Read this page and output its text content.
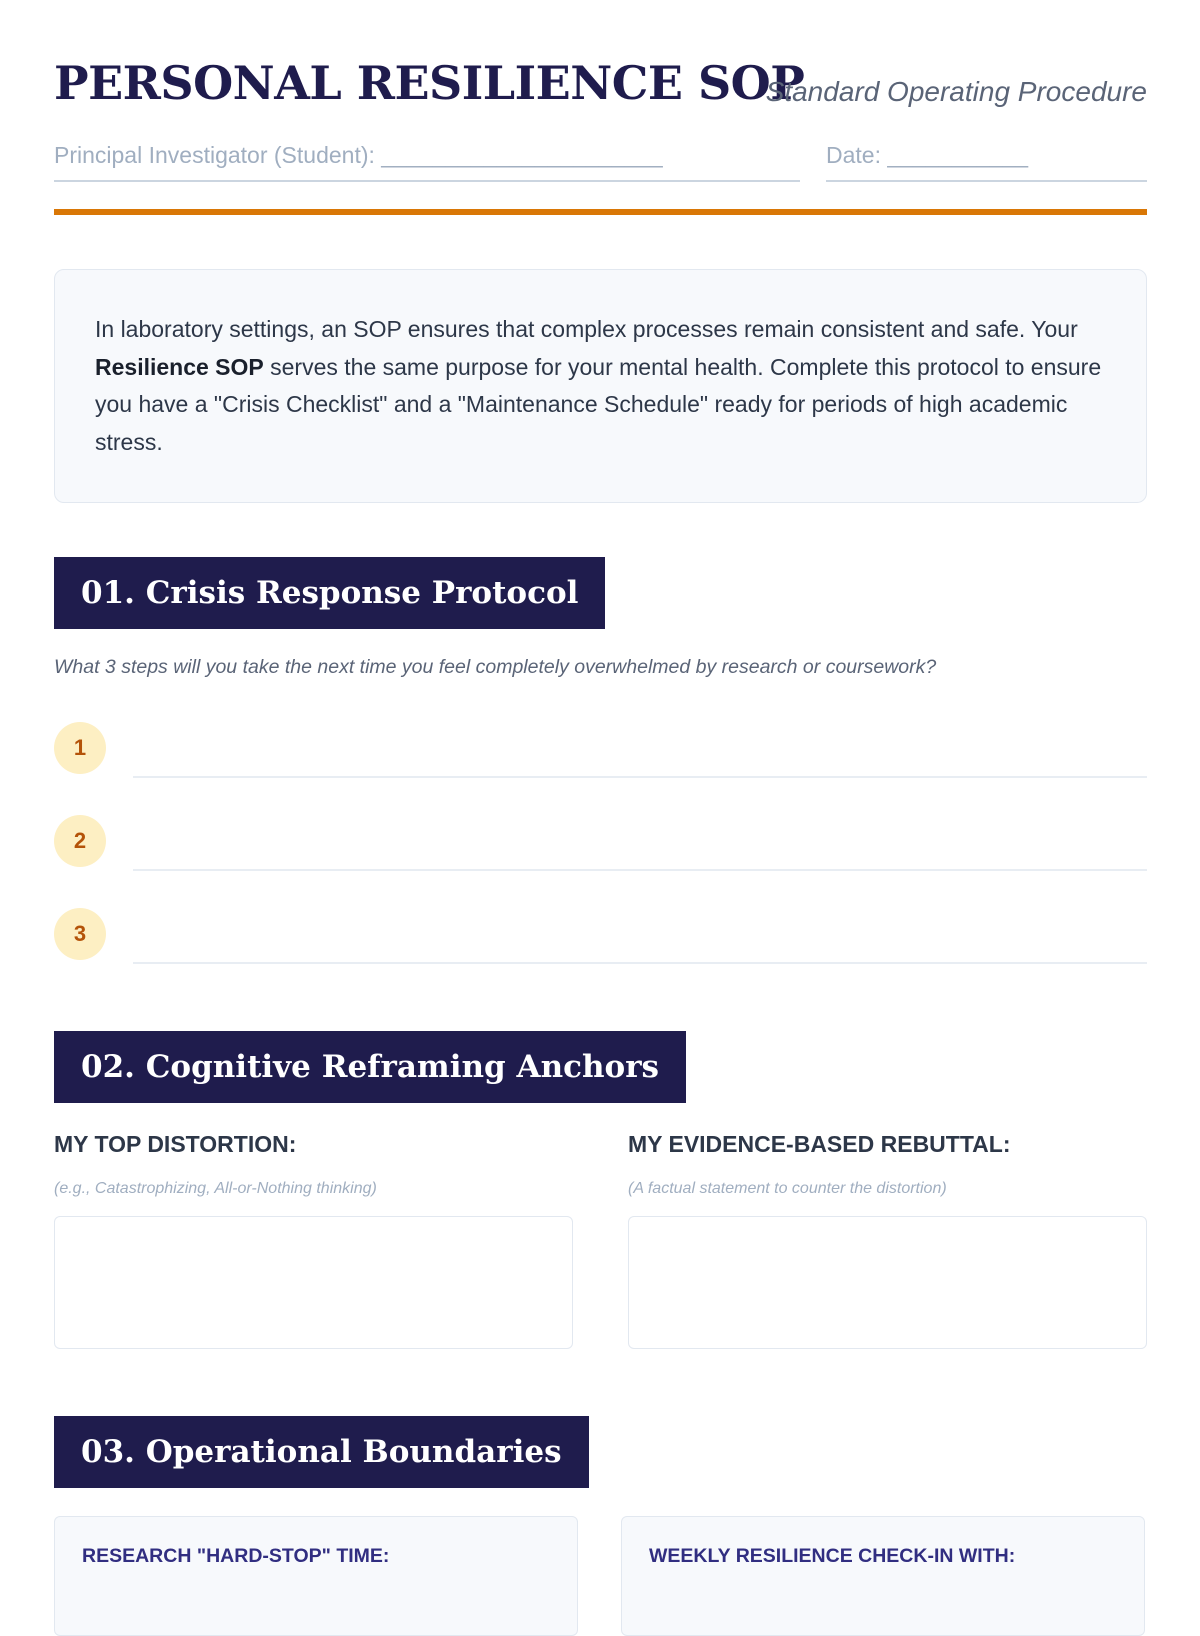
PERSONAL RESILIENCE SOP
Standard Operating Procedure
Principal Investigator (Student): ______________________	Date: ___________
In laboratory settings, an SOP ensures that complex processes remain consistent and safe. Your Resilience SOP serves the same purpose for your mental health. Complete this protocol to ensure you have a "Crisis Checklist" and a "Maintenance Schedule" ready for periods of high academic stress.
01. Crisis Response Protocol
What 3 steps will you take the next time you feel completely overwhelmed by research or coursework?
1
2
3
02. Cognitive Reframing Anchors
MY TOP DISTORTION:
(e.g., Catastrophizing, All-or-Nothing thinking)
MY EVIDENCE-BASED REBUTTAL:
(A factual statement to counter the distortion)
03. Operational Boundaries
RESEARCH "HARD-STOP" TIME:	WEEKLY RESILIENCE CHECK-IN WITH:
